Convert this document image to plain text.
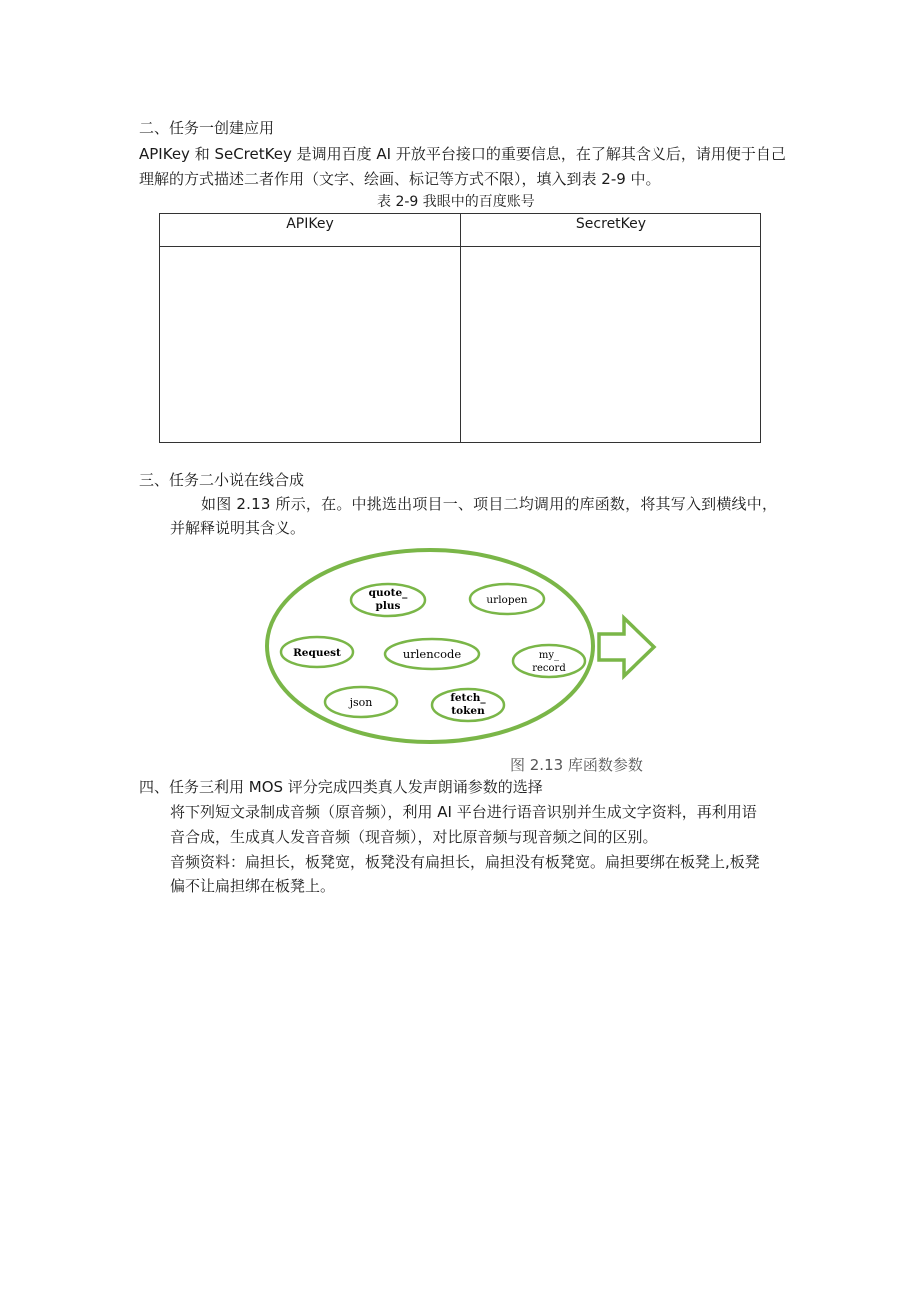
二、任务一创建应用
APIKey 和 SeCretKey 是调用百度 AI 开放平台接口的重要信息，在了解其含义后，请用便于自己
理解的方式描述二者作用（文字、绘画、标记等方式不限），填入到表 2-9 中。
表 2-9 我眼中的百度账号
APIKey	SecretKey
三、任务二小说在线合成
如图 2.13 所示，在。中挑选出项目一、项目二均调用的库函数，将其写入到横线中，
并解释说明其含义。
quote_
plus	urlopen
Request	urlencode	my_
record
json	fetch_
token
图 2.13 库函数参数
四、任务三利用 MOS 评分完成四类真人发声朗诵参数的选择
将下列短文录制成音频（原音频），利用 AI 平台进行语音识别并生成文字资料，再利用语
音合成，生成真人发音音频（现音频），对比原音频与现音频之间的区别。
音频资料：扁担长，板凳宽，板凳没有扁担长，扁担没有板凳宽。扁担要绑在板凳上,板凳
偏不让扁担绑在板凳上。
